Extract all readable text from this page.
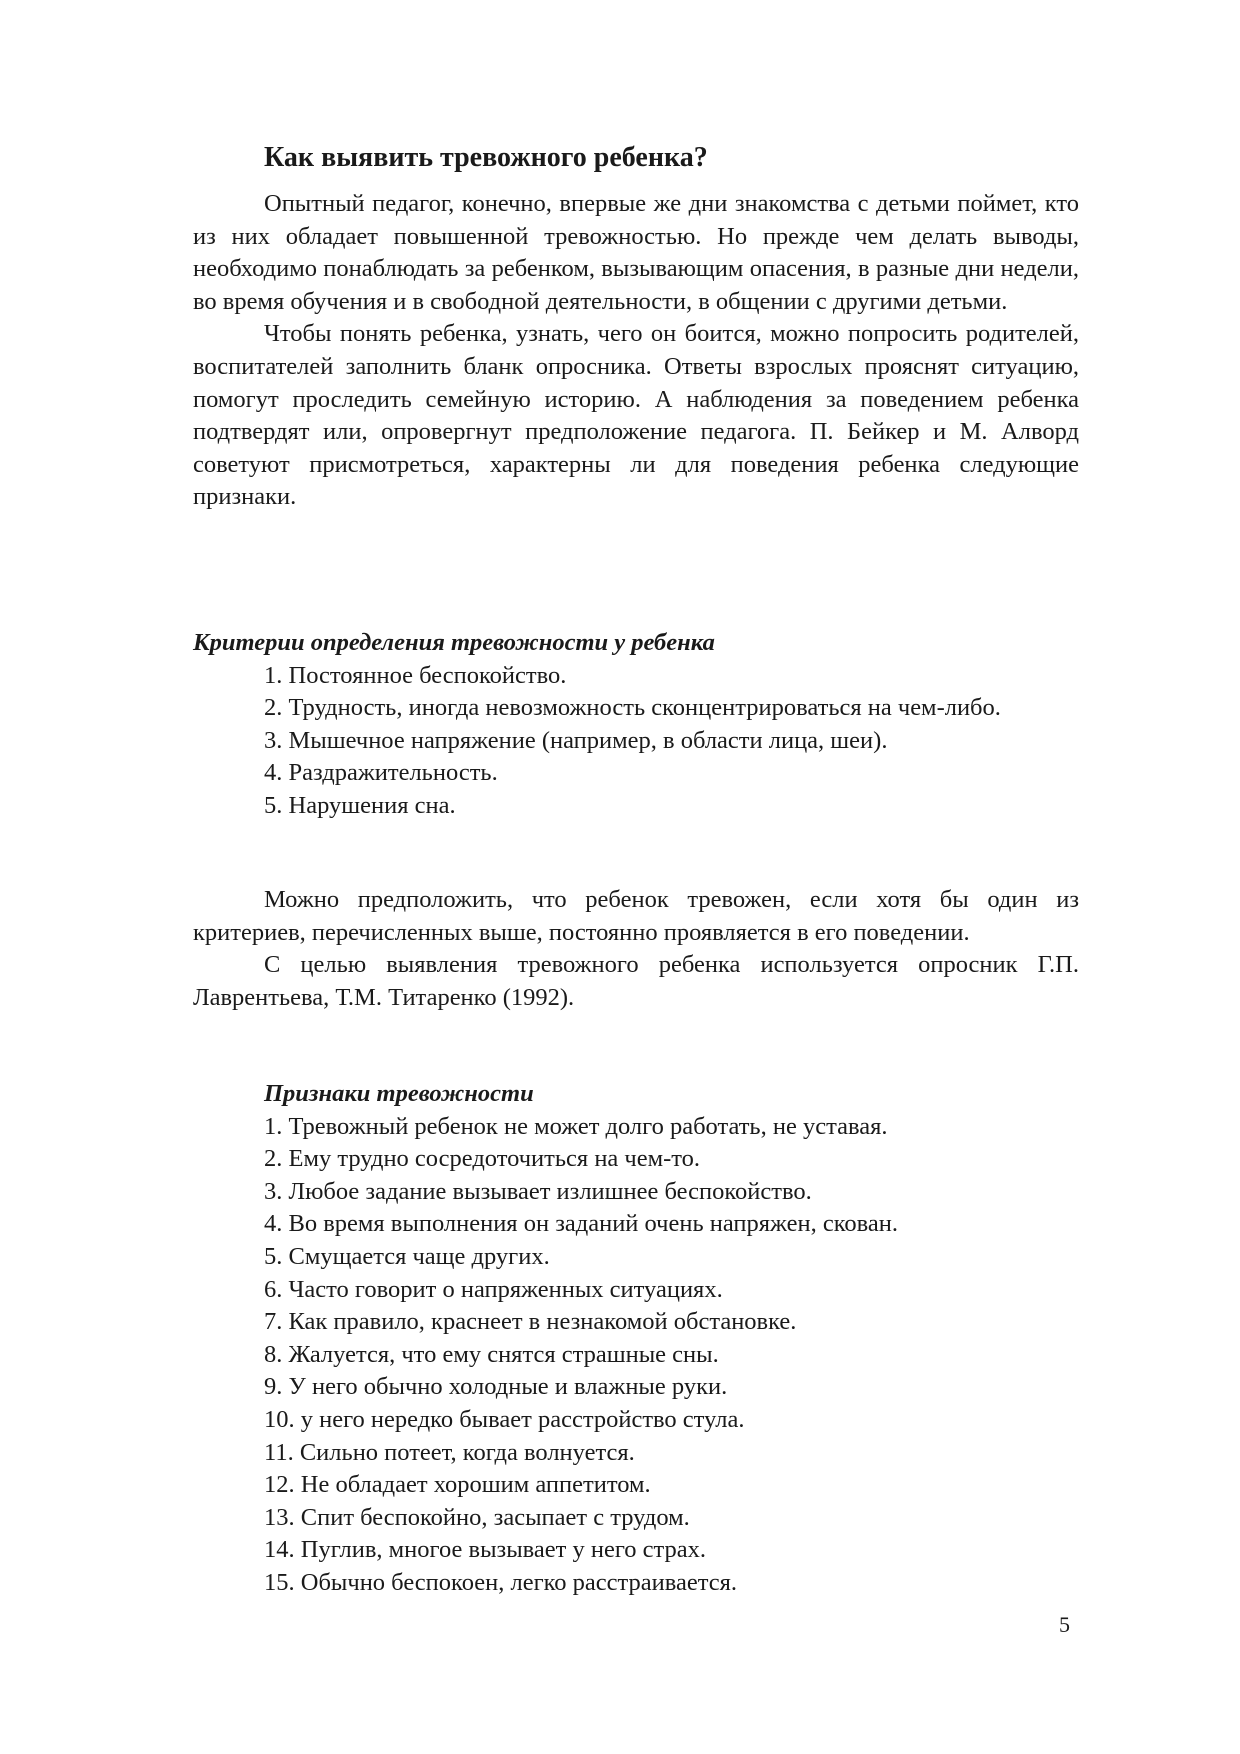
Как выявить тревожного ребенка?

Опытный педагог, конечно, впервые же дни знакомства с детьми поймет, кто из них обладает повышенной тревожностью. Но прежде чем делать выводы, необходимо понаблюдать за ребенком, вызывающим опасения, в разные дни недели, во время обучения и в свободной деятельности, в общении с другими детьми.

Чтобы понять ребенка, узнать, чего он боится, можно попросить родителей, воспитателей заполнить бланк опросника. Ответы взрослых прояснят ситуацию, помогут проследить семейную историю. А наблюдения за поведением ребенка подтвердят или, опровергнут предположение педагога. П. Бейкер и М. Алворд советуют присмотреться, характерны ли для поведения ребенка следующие признаки.

Критерии определения тревожности у ребенка
1. Постоянное беспокойство.
2. Трудность, иногда невозможность сконцентрироваться на чем-либо.
3. Мышечное напряжение (например, в области лица, шеи).
4. Раздражительность.
5. Нарушения сна.

Можно предположить, что ребенок тревожен, если хотя бы один из критериев, перечисленных выше, постоянно проявляется в его поведении.

С целью выявления тревожного ребенка используется опросник Г.П. Лаврентьева, Т.М. Титаренко (1992).

Признаки тревожности
1. Тревожный ребенок не может долго работать, не уставая.
2. Ему трудно сосредоточиться на чем-то.
3. Любое задание вызывает излишнее беспокойство.
4. Во время выполнения он заданий очень напряжен, скован.
5. Смущается чаще других.
6. Часто говорит о напряженных ситуациях.
7. Как правило, краснеет в незнакомой обстановке.
8. Жалуется, что ему снятся страшные сны.
9. У него обычно холодные и влажные руки.
10. у него нередко бывает расстройство стула.
11. Сильно потеет, когда волнуется.
12. Не обладает хорошим аппетитом.
13. Спит беспокойно, засыпает с трудом.
14. Пуглив, многое вызывает у него страх.
15. Обычно беспокоен, легко расстраивается.

5
